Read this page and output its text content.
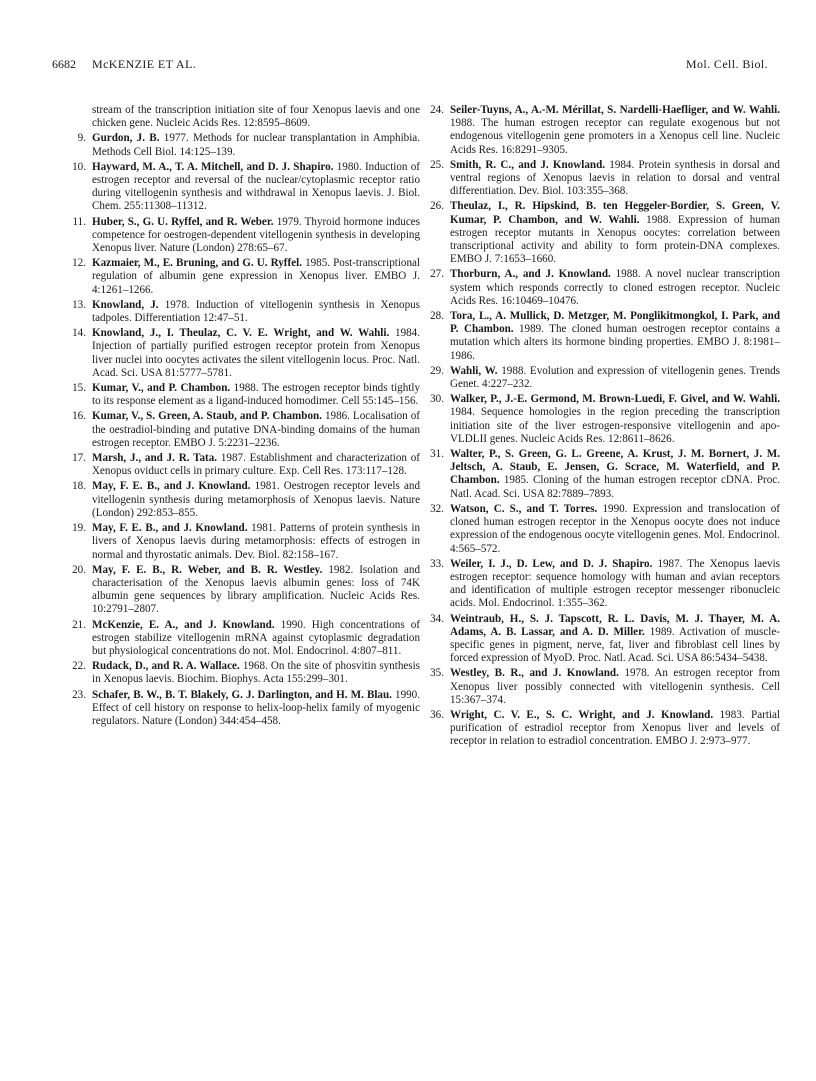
6682 McKENZIE ET AL.	Mol. Cell. Biol.
stream of the transcription initiation site of four Xenopus laevis and one chicken gene. Nucleic Acids Res. 12:8595–8609.
9. Gurdon, J. B. 1977. Methods for nuclear transplantation in Amphibia. Methods Cell Biol. 14:125–139.
10. Hayward, M. A., T. A. Mitchell, and D. J. Shapiro. 1980. Induction of estrogen receptor and reversal of the nuclear/cytoplasmic receptor ratio during vitellogenin synthesis and withdrawal in Xenopus laevis. J. Biol. Chem. 255:11308–11312.
11. Huber, S., G. U. Ryffel, and R. Weber. 1979. Thyroid hormone induces competence for oestrogen-dependent vitellogenin synthesis in developing Xenopus liver. Nature (London) 278:65–67.
12. Kazmaier, M., E. Bruning, and G. U. Ryffel. 1985. Post-transcriptional regulation of albumin gene expression in Xenopus liver. EMBO J. 4:1261–1266.
13. Knowland, J. 1978. Induction of vitellogenin synthesis in Xenopus tadpoles. Differentiation 12:47–51.
14. Knowland, J., I. Theulaz, C. V. E. Wright, and W. Wahli. 1984. Injection of partially purified estrogen receptor protein from Xenopus liver nuclei into oocytes activates the silent vitellogenin locus. Proc. Natl. Acad. Sci. USA 81:5777–5781.
15. Kumar, V., and P. Chambon. 1988. The estrogen receptor binds tightly to its response element as a ligand-induced homodimer. Cell 55:145–156.
16. Kumar, V., S. Green, A. Staub, and P. Chambon. 1986. Localisation of the oestradiol-binding and putative DNA-binding domains of the human estrogen receptor. EMBO J. 5:2231–2236.
17. Marsh, J., and J. R. Tata. 1987. Establishment and characterization of Xenopus oviduct cells in primary culture. Exp. Cell Res. 173:117–128.
18. May, F. E. B., and J. Knowland. 1981. Oestrogen receptor levels and vitellogenin synthesis during metamorphosis of Xenopus laevis. Nature (London) 292:853–855.
19. May, F. E. B., and J. Knowland. 1981. Patterns of protein synthesis in livers of Xenopus laevis during metamorphosis: effects of estrogen in normal and thyrostatic animals. Dev. Biol. 82:158–167.
20. May, F. E. B., R. Weber, and B. R. Westley. 1982. Isolation and characterisation of the Xenopus laevis albumin genes: loss of 74K albumin gene sequences by library amplification. Nucleic Acids Res. 10:2791–2807.
21. McKenzie, E. A., and J. Knowland. 1990. High concentrations of estrogen stabilize vitellogenin mRNA against cytoplasmic degradation but physiological concentrations do not. Mol. Endocrinol. 4:807–811.
22. Rudack, D., and R. A. Wallace. 1968. On the site of phosvitin synthesis in Xenopus laevis. Biochim. Biophys. Acta 155:299–301.
23. Schafer, B. W., B. T. Blakely, G. J. Darlington, and H. M. Blau. 1990. Effect of cell history on response to helix-loop-helix family of myogenic regulators. Nature (London) 344:454–458.
24. Seiler-Tuyns, A., A.-M. Mérillat, S. Nardelli-Haefliger, and W. Wahli. 1988. The human estrogen receptor can regulate exogenous but not endogenous vitellogenin gene promoters in a Xenopus cell line. Nucleic Acids Res. 16:8291–9305.
25. Smith, R. C., and J. Knowland. 1984. Protein synthesis in dorsal and ventral regions of Xenopus laevis in relation to dorsal and ventral differentiation. Dev. Biol. 103:355–368.
26. Theulaz, I., R. Hipskind, B. ten Heggeler-Bordier, S. Green, V. Kumar, P. Chambon, and W. Wahli. 1988. Expression of human estrogen receptor mutants in Xenopus oocytes: correlation between transcriptional activity and ability to form protein-DNA complexes. EMBO J. 7:1653–1660.
27. Thorburn, A., and J. Knowland. 1988. A novel nuclear transcription system which responds correctly to cloned estrogen receptor. Nucleic Acids Res. 16:10469–10476.
28. Tora, L., A. Mullick, D. Metzger, M. Ponglikitmongkol, I. Park, and P. Chambon. 1989. The cloned human oestrogen receptor contains a mutation which alters its hormone binding properties. EMBO J. 8:1981–1986.
29. Wahli, W. 1988. Evolution and expression of vitellogenin genes. Trends Genet. 4:227–232.
30. Walker, P., J.-E. Germond, M. Brown-Luedi, F. Givel, and W. Wahli. 1984. Sequence homologies in the region preceding the transcription initiation site of the liver estrogen-responsive vitellogenin and apo-VLDLII genes. Nucleic Acids Res. 12:8611–8626.
31. Walter, P., S. Green, G. L. Greene, A. Krust, J. M. Bornert, J. M. Jeltsch, A. Staub, E. Jensen, G. Scrace, M. Waterfield, and P. Chambon. 1985. Cloning of the human estrogen receptor cDNA. Proc. Natl. Acad. Sci. USA 82:7889–7893.
32. Watson, C. S., and T. Torres. 1990. Expression and translocation of cloned human estrogen receptor in the Xenopus oocyte does not induce expression of the endogenous oocyte vitellogenin genes. Mol. Endocrinol. 4:565–572.
33. Weiler, I. J., D. Lew, and D. J. Shapiro. 1987. The Xenopus laevis estrogen receptor: sequence homology with human and avian receptors and identification of multiple estrogen receptor messenger ribonucleic acids. Mol. Endocrinol. 1:355–362.
34. Weintraub, H., S. J. Tapscott, R. L. Davis, M. J. Thayer, M. A. Adams, A. B. Lassar, and A. D. Miller. 1989. Activation of muscle-specific genes in pigment, nerve, fat, liver and fibroblast cell lines by forced expression of MyoD. Proc. Natl. Acad. Sci. USA 86:5434–5438.
35. Westley, B. R., and J. Knowland. 1978. An estrogen receptor from Xenopus liver possibly connected with vitellogenin synthesis. Cell 15:367–374.
36. Wright, C. V. E., S. C. Wright, and J. Knowland. 1983. Partial purification of estradiol receptor from Xenopus liver and levels of receptor in relation to estradiol concentration. EMBO J. 2:973–977.
